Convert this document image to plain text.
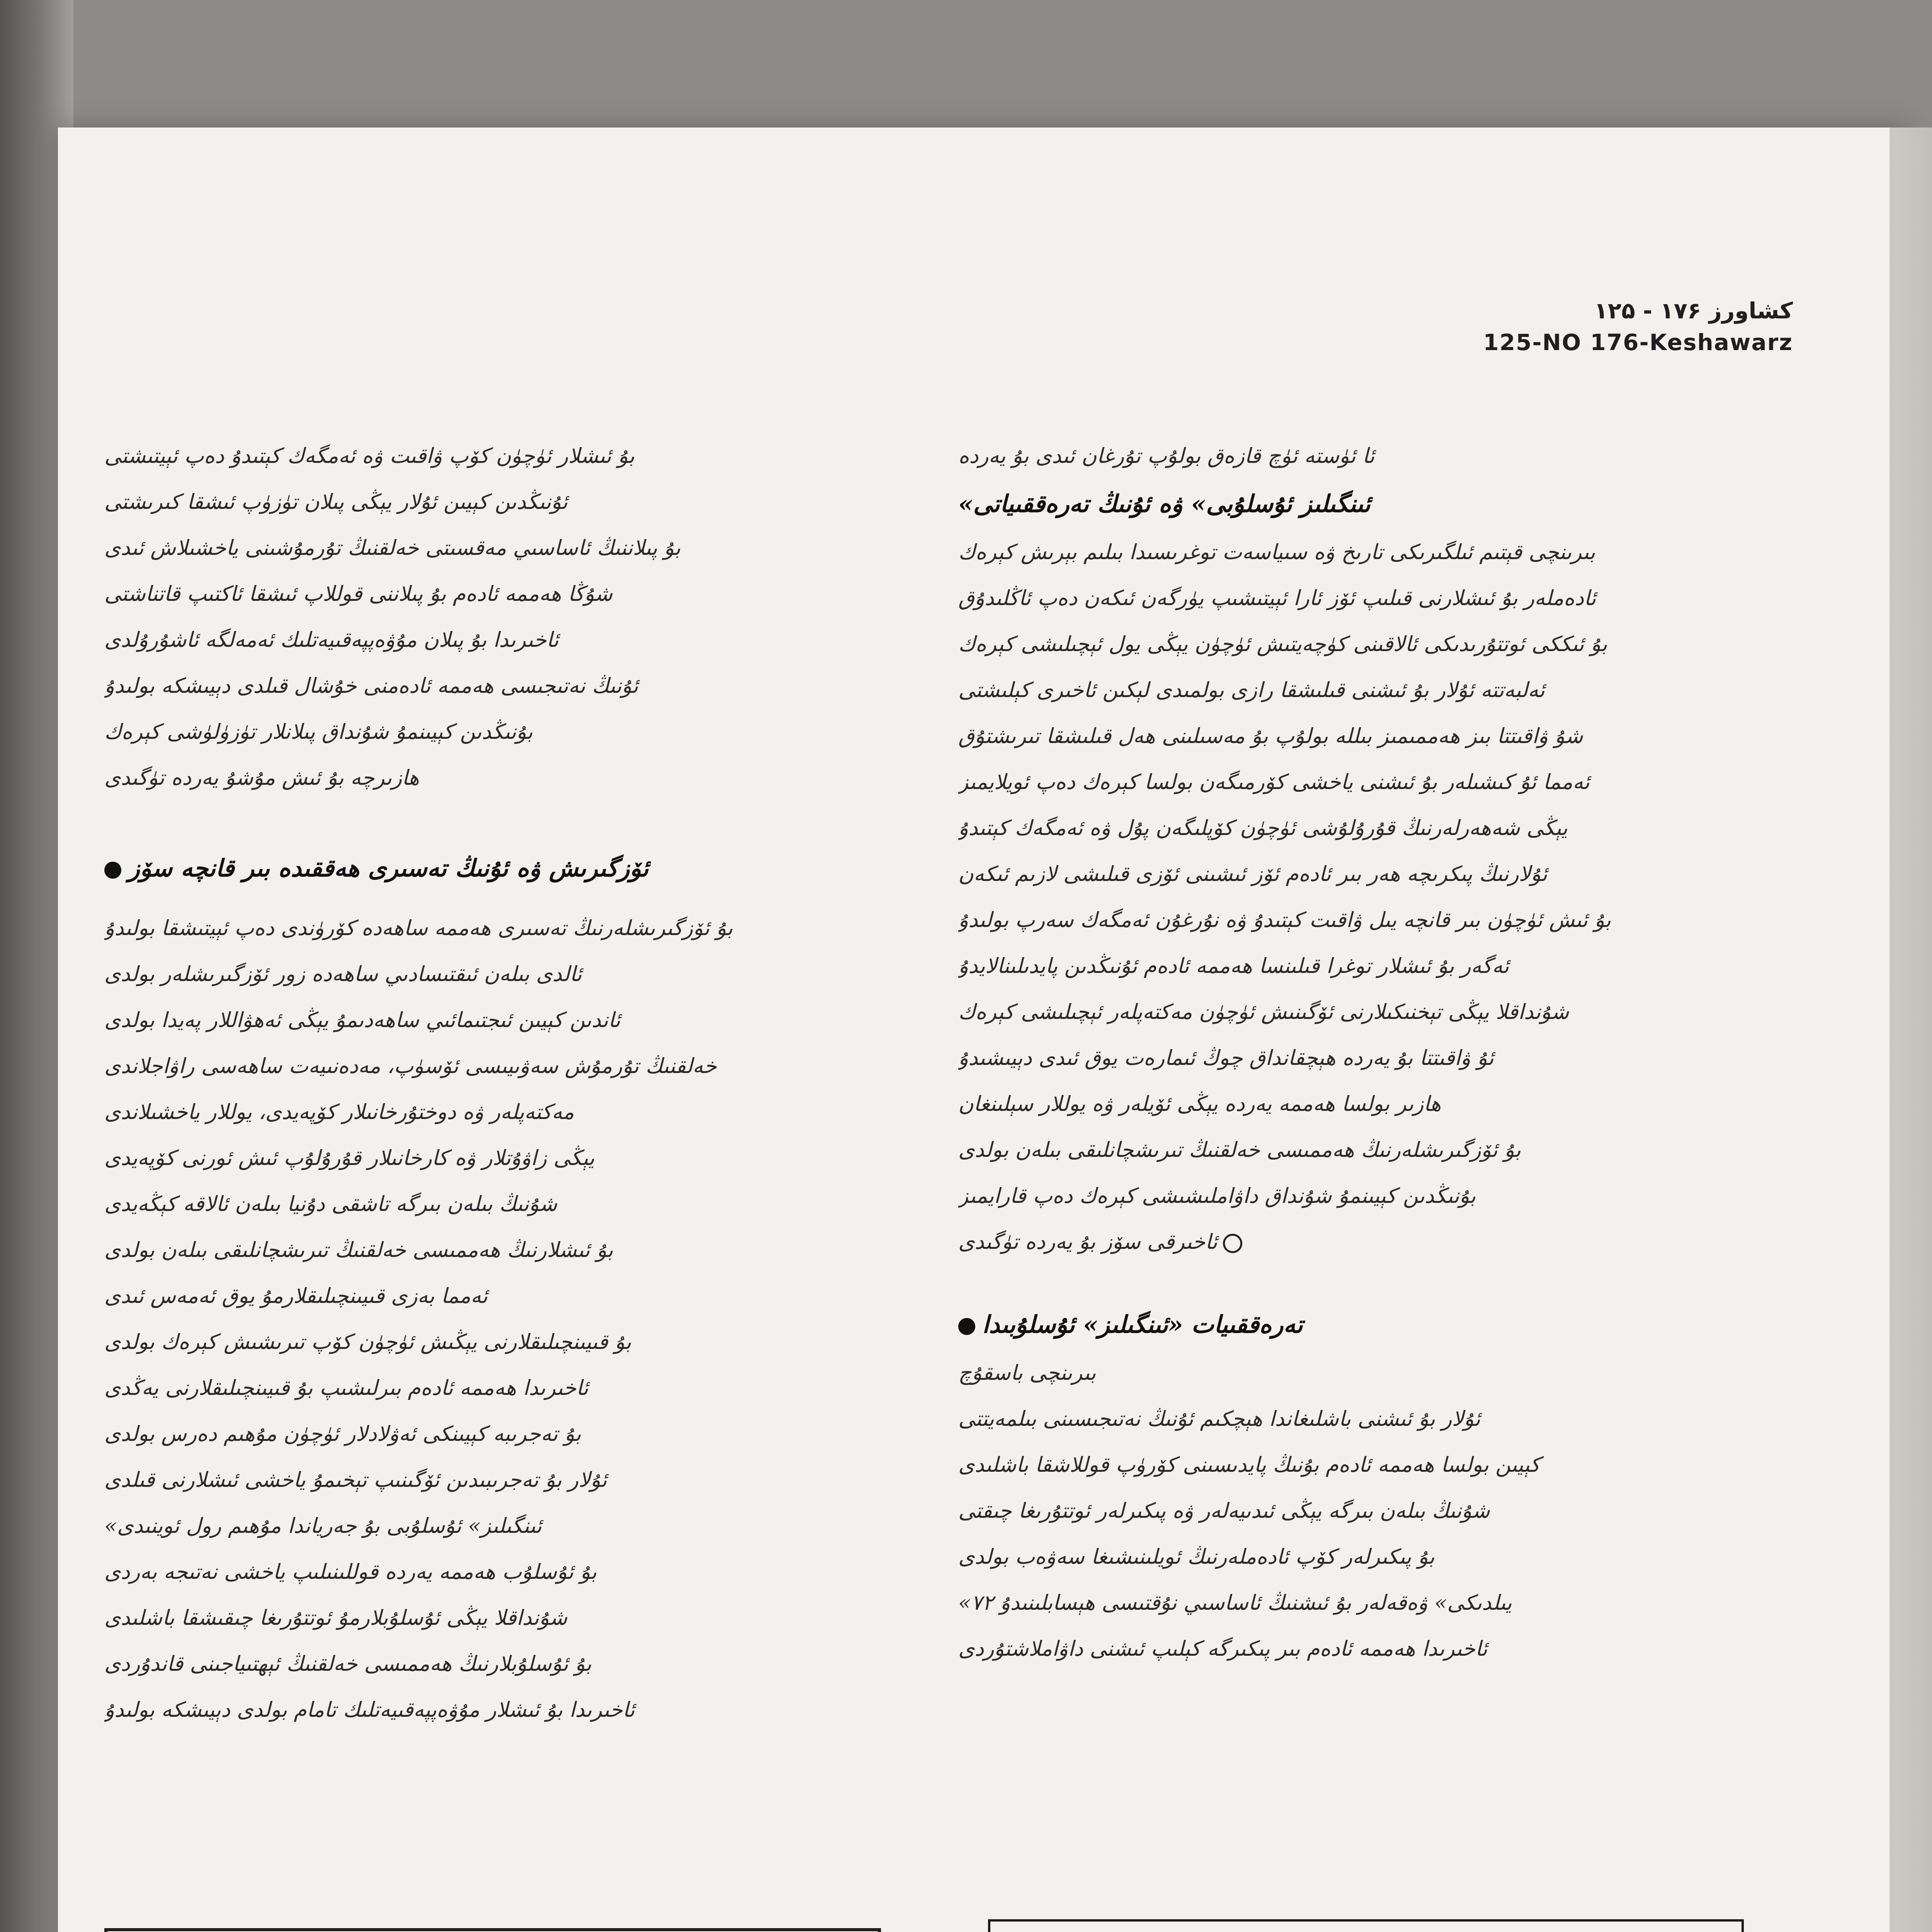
۱۲۵ - ۱۷۶ کشاورز
125-NO 176-Keshawarz
ئا ئۈستە ئۈچ قازەق بولۇپ تۇرغان ئىدى بۇ يەردە
«ئىنگىلىز ئۇسلۇبى» ۋە ئۇنىڭ تەرەققىياتى
بىرىنچى قېتىم ئىلگىرىكى تارىخ ۋە سىياسەت توغرىسىدا بىلىم بېرىش كېرەك
ئادەملەر بۇ ئىشلارنى قىلىپ ئۆز ئارا ئېيتىشىپ يۈرگەن ئىكەن دەپ ئاڭلىدۇق
بۇ ئىككى ئوتتۇرىدىكى ئالاقىنى كۈچەيتىش ئۈچۈن يېڭى يول ئېچىلىشى كېرەك
ئەلبەتتە ئۇلار بۇ ئىشنى قىلىشقا رازى بولمىدى لېكىن ئاخىرى كېلىشتى
شۇ ۋاقىتتا بىز ھەممىمىز بىللە بولۇپ بۇ مەسىلىنى ھەل قىلىشقا تىرىشتۇق
ئەمما ئۇ كىشىلەر بۇ ئىشنى ياخشى كۆرمىگەن بولسا كېرەك دەپ ئويلايمىز
يېڭى شەھەرلەرنىڭ قۇرۇلۇشى ئۈچۈن كۆپلىگەن پۇل ۋە ئەمگەك كېتىدۇ
ئۇلارنىڭ پىكرىچە ھەر بىر ئادەم ئۆز ئىشىنى ئۆزى قىلىشى لازىم ئىكەن
بۇ ئىش ئۈچۈن بىر قانچە يىل ۋاقىت كېتىدۇ ۋە نۇرغۇن ئەمگەك سەرپ بولىدۇ
ئەگەر بۇ ئىشلار توغرا قىلىنسا ھەممە ئادەم ئۇنىڭدىن پايدىلىنالايدۇ
شۇنداقلا يېڭى تېخنىكىلارنى ئۆگىنىش ئۈچۈن مەكتەپلەر ئېچىلىشى كېرەك
ئۇ ۋاقىتتا بۇ يەردە ھېچقانداق چوڭ ئىمارەت يوق ئىدى دېيىشىدۇ
ھازىر بولسا ھەممە يەردە يېڭى ئۆيلەر ۋە يوللار سېلىنغان
بۇ ئۆزگىرىشلەرنىڭ ھەممىسى خەلقنىڭ تىرىشچانلىقى بىلەن بولدى
بۇنىڭدىن كېيىنمۇ شۇنداق داۋاملىشىشى كېرەك دەپ قارايمىز
ئاخىرقى سۆز بۇ يەردە تۈگىدى
تەرەققىيات «ئىنگىلىز» ئۇسلۇبىدا
بىرىنچى باسقۇچ
ئۇلار بۇ ئىشنى باشلىغاندا ھېچكىم ئۇنىڭ نەتىجىسىنى بىلمەيتتى
كېيىن بولسا ھەممە ئادەم بۇنىڭ پايدىسىنى كۆرۈپ قوللاشقا باشلىدى
شۇنىڭ بىلەن بىرگە يېڭى ئىدىيەلەر ۋە پىكىرلەر ئوتتۇرىغا چىقتى
بۇ پىكىرلەر كۆپ ئادەملەرنىڭ ئويلىنىشىغا سەۋەب بولدى
«۷۲ يىلدىكى» ۋەقەلەر بۇ ئىشنىڭ ئاساسىي نۇقتىسى ھېسابلىنىدۇ
ئاخىرىدا ھەممە ئادەم بىر پىكىرگە كېلىپ ئىشنى داۋاملاشتۇردى
بۇ ئىشلار ئۈچۈن كۆپ ۋاقىت ۋە ئەمگەك كېتىدۇ دەپ ئېيتىشتى
ئۇنىڭدىن كېيىن ئۇلار يېڭى پىلان تۈزۈپ ئىشقا كىرىشتى
بۇ پىلاننىڭ ئاساسىي مەقسىتى خەلقنىڭ تۇرمۇشىنى ياخشىلاش ئىدى
شۇڭا ھەممە ئادەم بۇ پىلاننى قوللاپ ئىشقا ئاكتىپ قاتناشتى
ئاخىرىدا بۇ پىلان مۇۋەپپەقىيەتلىك ئەمەلگە ئاشۇرۇلدى
ئۇنىڭ نەتىجىسى ھەممە ئادەمنى خۇشال قىلدى دېيىشكە بولىدۇ
بۇنىڭدىن كېيىنمۇ شۇنداق پىلانلار تۈزۈلۈشى كېرەك
ھازىرچە بۇ ئىش مۇشۇ يەردە تۈگىدى
ئۆزگىرىش ۋە ئۇنىڭ تەسىرى ھەققىدە بىر قانچە سۆز
بۇ ئۆزگىرىشلەرنىڭ تەسىرى ھەممە ساھەدە كۆرۈندى دەپ ئېيتىشقا بولىدۇ
ئالدى بىلەن ئىقتىسادىي ساھەدە زور ئۆزگىرىشلەر بولدى
ئاندىن كېيىن ئىجتىمائىي ساھەدىمۇ يېڭى ئەھۋاللار پەيدا بولدى
خەلقنىڭ تۇرمۇش سەۋىيىسى ئۆسۈپ، مەدەنىيەت ساھەسى راۋاجلاندى
مەكتەپلەر ۋە دوختۇرخانىلار كۆپەيدى، يوللار ياخشىلاندى
يېڭى زاۋۇتلار ۋە كارخانىلار قۇرۇلۇپ ئىش ئورنى كۆپەيدى
شۇنىڭ بىلەن بىرگە تاشقى دۇنيا بىلەن ئالاقە كېڭەيدى
بۇ ئىشلارنىڭ ھەممىسى خەلقنىڭ تىرىشچانلىقى بىلەن بولدى
ئەمما بەزى قىيىنچىلىقلارمۇ يوق ئەمەس ئىدى
بۇ قىيىنچىلىقلارنى يېڭىش ئۈچۈن كۆپ تىرىشىش كېرەك بولدى
ئاخىرىدا ھەممە ئادەم بىرلىشىپ بۇ قىيىنچىلىقلارنى يەڭدى
بۇ تەجرىبە كېيىنكى ئەۋلادلار ئۈچۈن مۇھىم دەرس بولدى
ئۇلار بۇ تەجرىبىدىن ئۆگىنىپ تېخىمۇ ياخشى ئىشلارنى قىلدى
«ئىنگىلىز» ئۇسلۇبى بۇ جەرياندا مۇھىم رول ئوينىدى
بۇ ئۇسلۇب ھەممە يەردە قوللىنىلىپ ياخشى نەتىجە بەردى
شۇنداقلا يېڭى ئۇسلۇبلارمۇ ئوتتۇرىغا چىقىشقا باشلىدى
بۇ ئۇسلۇبلارنىڭ ھەممىسى خەلقنىڭ ئېھتىياجىنى قاندۇردى
ئاخىرىدا بۇ ئىشلار مۇۋەپپەقىيەتلىك تامام بولدى دېيىشكە بولىدۇ
